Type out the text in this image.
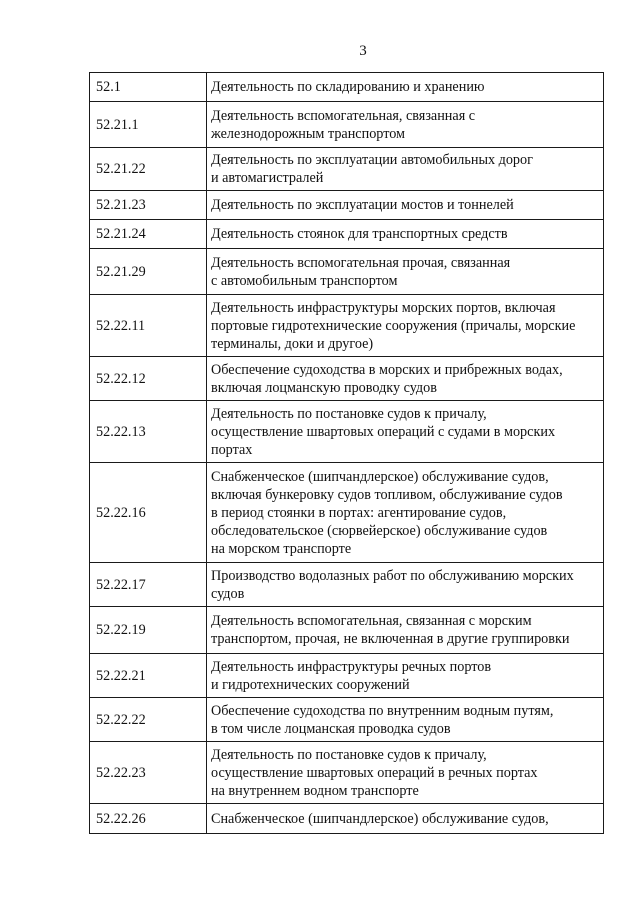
3
52.1	Деятельность по складированию и хранению

52.21.1	Деятельность вспомогательная, связанная с
железнодорожным транспортом

52.21.22	Деятельность по эксплуатации автомобильных дорог
и автомагистралей

52.21.23	Деятельность по эксплуатации мостов и тоннелей

52.21.24	Деятельность стоянок для транспортных средств

52.21.29	Деятельность вспомогательная прочая, связанная
с автомобильным транспортом

52.22.11	Деятельность инфраструктуры морских портов, включая
портовые гидротехнические сооружения (причалы, морские
терминалы, доки и другое)

52.22.12	Обеспечение судоходства в морских и прибрежных водах,
включая лоцманскую проводку судов

52.22.13	Деятельность по постановке судов к причалу,
осуществление швартовых операций с судами в морских
портах

52.22.16	Снабженческое (шипчандлерское) обслуживание судов,
включая бункеровку судов топливом, обслуживание судов
в период стоянки в портах: агентирование судов,
обследовательское (сюрвейерское) обслуживание судов
на морском транспорте

52.22.17	Производство водолазных работ по обслуживанию морских
судов

52.22.19	Деятельность вспомогательная, связанная с морским
транспортом, прочая, не включенная в другие группировки

52.22.21	Деятельность инфраструктуры речных портов
и гидротехнических сооружений

52.22.22	Обеспечение судоходства по внутренним водным путям,
в том числе лоцманская проводка судов

52.22.23	Деятельность по постановке судов к причалу,
осуществление швартовых операций в речных портах
на внутреннем водном транспорте

52.22.26	Снабженческое (шипчандлерское) обслуживание судов,
